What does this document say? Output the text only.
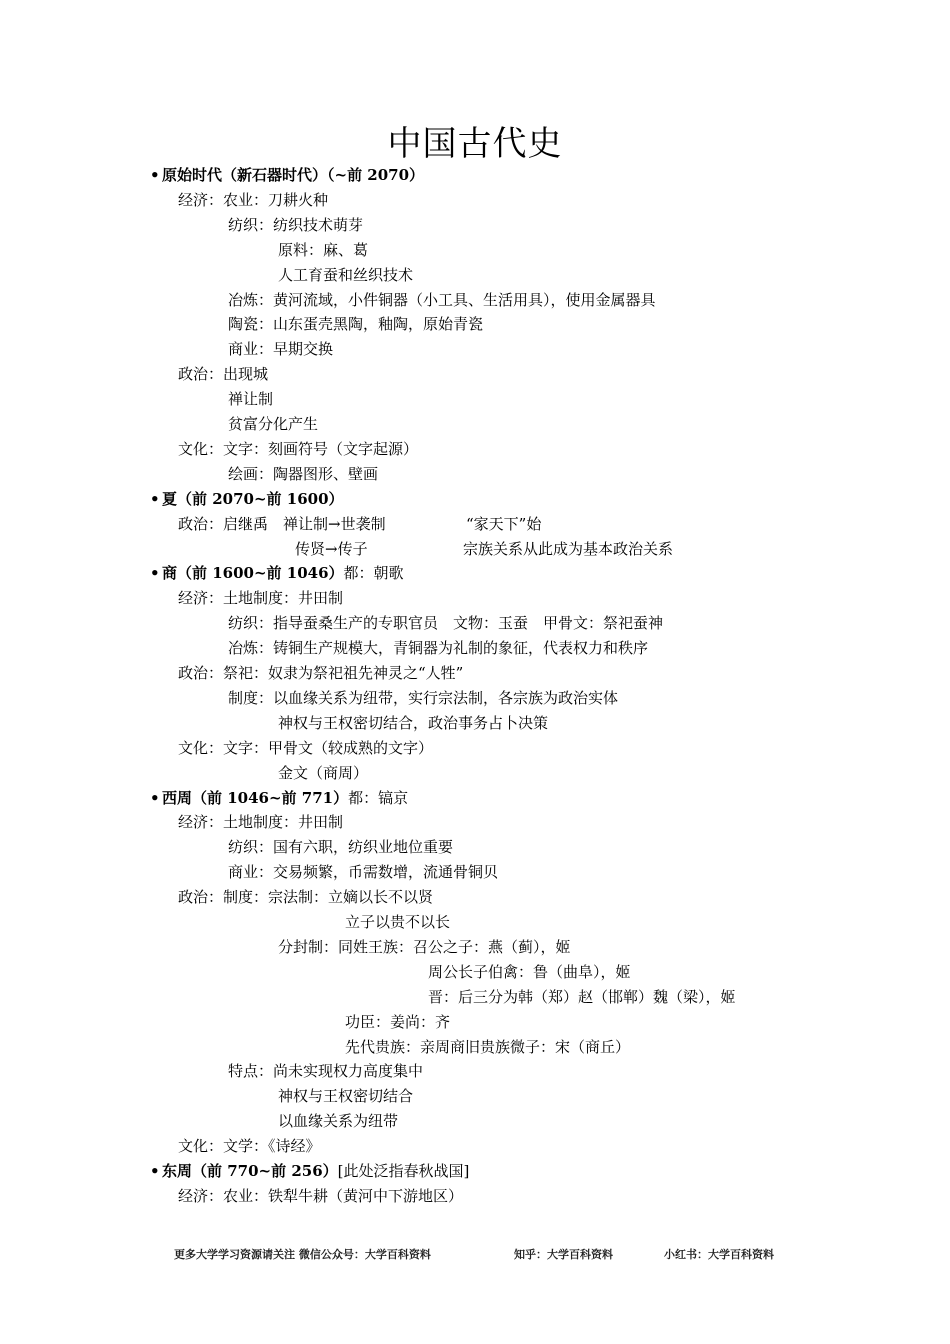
中国古代史
• 原始时代（新石器时代）（~前 2070）
经济：农业：刀耕火种
纺织：纺织技术萌芽
原料：麻、葛
人工育蚕和丝织技术
冶炼：黄河流域，小件铜器（小工具、生活用具），使用金属器具
陶瓷：山东蛋壳黑陶，釉陶，原始青瓷
商业：早期交换
政治：出现城
禅让制
贫富分化产生
文化：文字：刻画符号（文字起源）
绘画：陶器图形、壁画
• 夏（前 2070~前 1600）
政治：启继禹　禅让制→世袭制	“家天下”始
传贤→传子	宗族关系从此成为基本政治关系
• 商（前 1600~前 1046）都：朝歌
经济：土地制度：井田制
纺织：指导蚕桑生产的专职官员　文物：玉蚕　甲骨文：祭祀蚕神
冶炼：铸铜生产规模大，青铜器为礼制的象征，代表权力和秩序
政治：祭祀：奴隶为祭祀祖先神灵之“人牲”
制度：以血缘关系为纽带，实行宗法制，各宗族为政治实体
神权与王权密切结合，政治事务占卜决策
文化：文字：甲骨文（较成熟的文字）
金文（商周）
• 西周（前 1046~前 771）都：镐京
经济：土地制度：井田制
纺织：国有六职，纺织业地位重要
商业：交易频繁，币需数增，流通骨铜贝
政治：制度：宗法制：立嫡以长不以贤
立子以贵不以长
分封制：同姓王族：召公之子：燕（蓟），姬
周公长子伯禽：鲁（曲阜），姬
晋：后三分为韩（郑）赵（邯郸）魏（梁），姬
功臣：姜尚：齐
先代贵族：亲周商旧贵族微子：宋（商丘）
特点：尚未实现权力高度集中
神权与王权密切结合
以血缘关系为纽带
文化：文学：《诗经》
• 东周（前 770~前 256）[此处泛指春秋战国]
经济：农业：铁犁牛耕（黄河中下游地区）
更多大学学习资源请关注 微信公众号：大学百科资料	知乎：大学百科资料	小红书：大学百科资料
